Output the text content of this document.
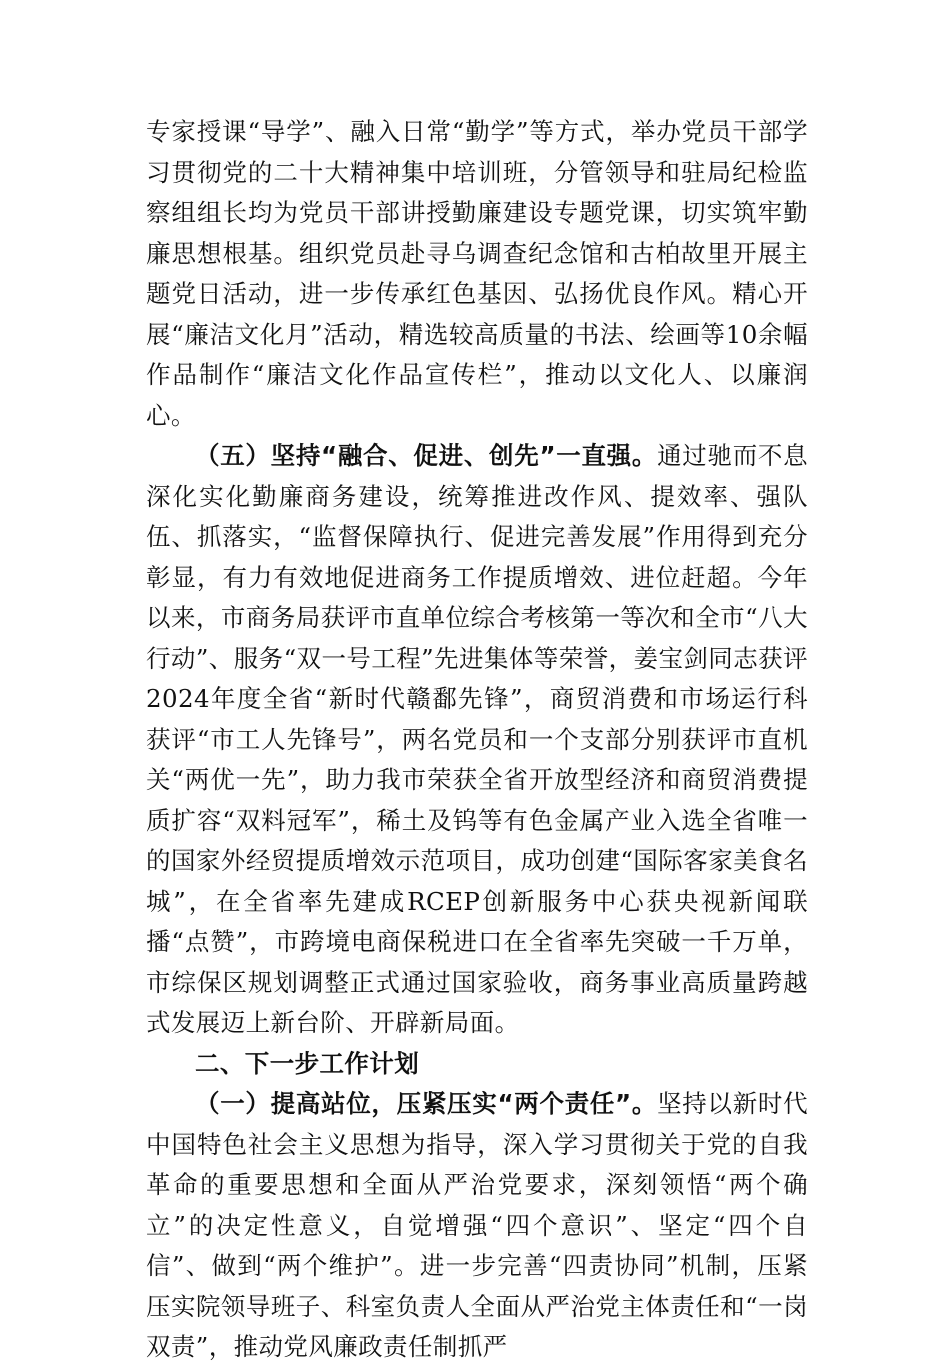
专家授课“导学”、融入日常“勤学”等方式，举办党员干部学习贯彻党的二十大精神集中培训班，分管领导和驻局纪检监察组组长均为党员干部讲授勤廉建设专题党课，切实筑牢勤廉思想根基。组织党员赴寻乌调查纪念馆和古柏故里开展主题党日活动，进一步传承红色基因、弘扬优良作风。精心开展“廉洁文化月”活动，精选较高质量的书法、绘画等10余幅作品制作“廉洁文化作品宣传栏”，推动以文化人、以廉润心。

（五）坚持“融合、促进、创先”一直强。通过驰而不息深化实化勤廉商务建设，统筹推进改作风、提效率、强队伍、抓落实，“监督保障执行、促进完善发展”作用得到充分彰显，有力有效地促进商务工作提质增效、进位赶超。今年以来，市商务局获评市直单位综合考核第一等次和全市“八大行动”、服务“双一号工程”先进集体等荣誉，姜宝剑同志获评2024年度全省“新时代赣鄱先锋”，商贸消费和市场运行科获评“市工人先锋号”，两名党员和一个支部分别获评市直机关“两优一先”，助力我市荣获全省开放型经济和商贸消费提质扩容“双料冠军”，稀土及钨等有色金属产业入选全省唯一的国家外经贸提质增效示范项目，成功创建“国际客家美食名城”，在全省率先建成RCEP创新服务中心获央视新闻联播“点赞”，市跨境电商保税进口在全省率先突破一千万单，市综保区规划调整正式通过国家验收，商务事业高质量跨越式发展迈上新台阶、开辟新局面。

二、下一步工作计划

（一）提高站位，压紧压实“两个责任”。坚持以新时代中国特色社会主义思想为指导，深入学习贯彻关于党的自我革命的重要思想和全面从严治党要求，深刻领悟“两个确立”的决定性意义，自觉增强“四个意识”、坚定“四个自信”、做到“两个维护”。进一步完善“四责协同”机制，压紧压实院领导班子、科室负责人全面从严治党主体责任和“一岗双责”，推动党风廉政责任制抓严
